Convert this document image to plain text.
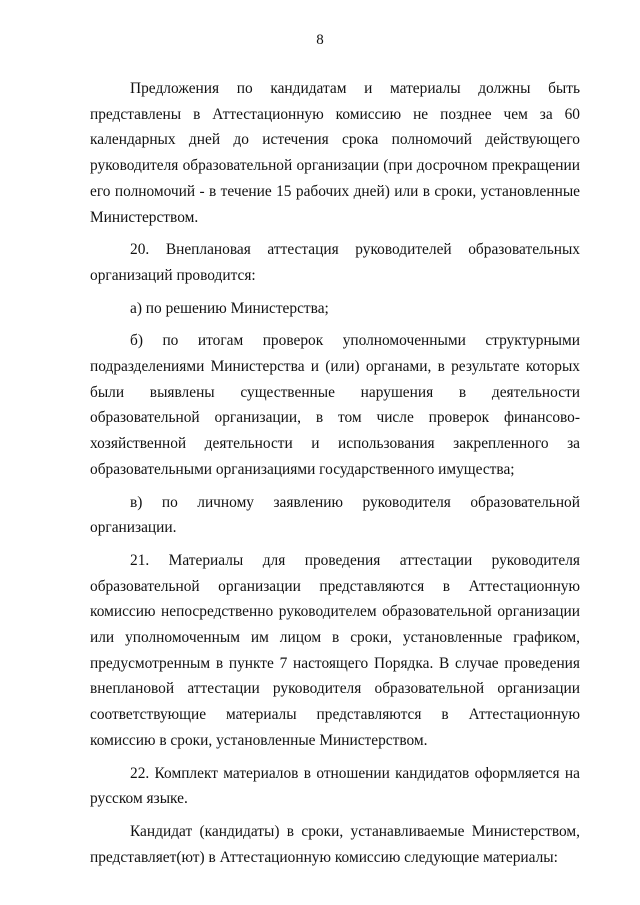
8

Предложения по кандидатам и материалы должны быть представлены в Аттестационную комиссию не позднее чем за 60 календарных дней до истечения срока полномочий действующего руководителя образовательной организации (при досрочном прекращении его полномочий - в течение 15 рабочих дней) или в сроки, установленные Министерством.

20. Внеплановая аттестация руководителей образовательных организаций проводится:

а) по решению Министерства;

б) по итогам проверок уполномоченными структурными подразделениями Министерства и (или) органами, в результате которых были выявлены существенные нарушения в деятельности образовательной организации, в том числе проверок финансово-хозяйственной деятельности и использования закрепленного за образовательными организациями государственного имущества;

в) по личному заявлению руководителя образовательной организации.

21. Материалы для проведения аттестации руководителя образовательной организации представляются в Аттестационную комиссию непосредственно руководителем образовательной организации или уполномоченным им лицом в сроки, установленные графиком, предусмотренным в пункте 7 настоящего Порядка. В случае проведения внеплановой аттестации руководителя образовательной организации соответствующие материалы представляются в Аттестационную комиссию в сроки, установленные Министерством.

22. Комплект материалов в отношении кандидатов оформляется на русском языке.

Кандидат (кандидаты) в сроки, устанавливаемые Министерством, представляет(ют) в Аттестационную комиссию следующие материалы:
